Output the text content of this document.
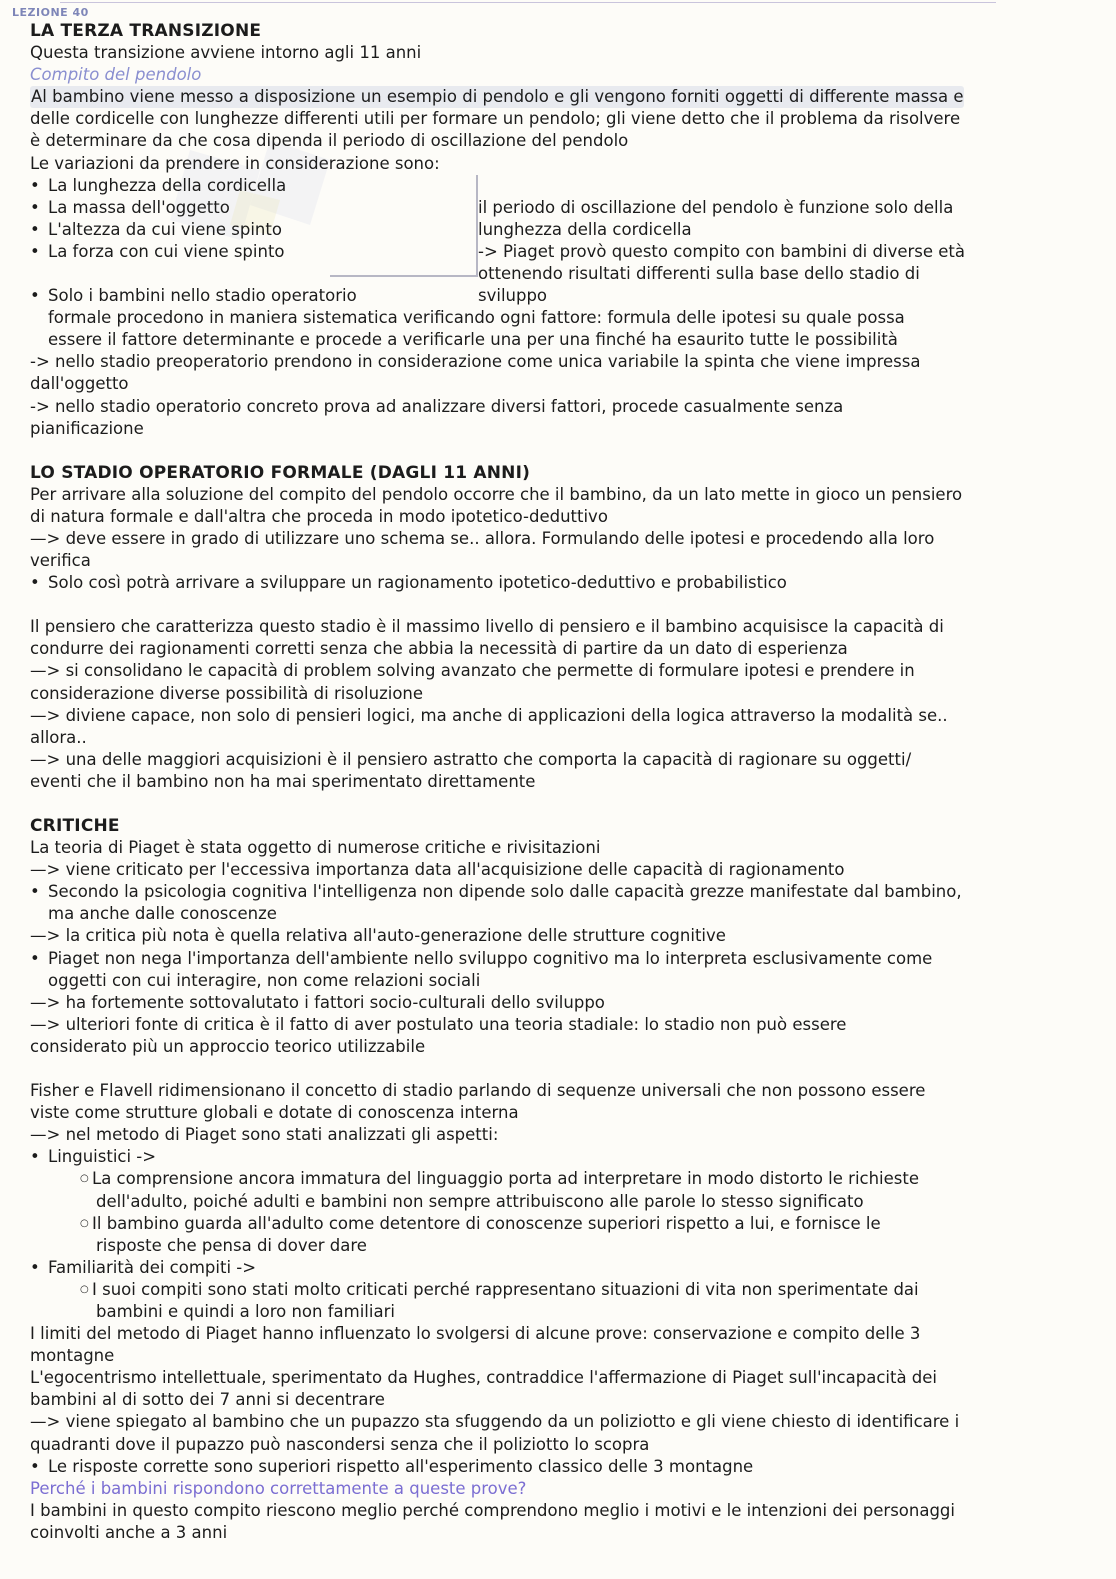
LEZIONE 40
LA TERZA TRANSIZIONE
Questa transizione avviene intorno agli 11 anni
Compito del pendolo
Al bambino viene messo a disposizione un esempio di pendolo e gli vengono forniti oggetti di differente massa e
delle cordicelle con lunghezze differenti utili per formare un pendolo; gli viene detto che il problema da risolvere
è determinare da che cosa dipenda il periodo di oscillazione del pendolo
Le variazioni da prendere in considerazione sono:
• La lunghezza della cordicella
• La massa dell'oggetto
• L'altezza da cui viene spinto
• La forza con cui viene spinto
il periodo di oscillazione del pendolo è funzione solo della
lunghezza della cordicella
-> Piaget provò questo compito con bambini di diverse età
ottenendo risultati differenti sulla base dello stadio di
sviluppo
• Solo i bambini nello stadio operatorio
formale procedono in maniera sistematica verificando ogni fattore: formula delle ipotesi su quale possa
essere il fattore determinante e procede a verificarle una per una finché ha esaurito tutte le possibilità
-> nello stadio preoperatorio prendono in considerazione come unica variabile la spinta che viene impressa
dall'oggetto
-> nello stadio operatorio concreto prova ad analizzare diversi fattori, procede casualmente senza
pianificazione
LO STADIO OPERATORIO FORMALE (DAGLI 11 ANNI)
Per arrivare alla soluzione del compito del pendolo occorre che il bambino, da un lato mette in gioco un pensiero
di natura formale e dall'altra che proceda in modo ipotetico-deduttivo
—> deve essere in grado di utilizzare uno schema se.. allora. Formulando delle ipotesi e procedendo alla loro
verifica
• Solo così potrà arrivare a sviluppare un ragionamento ipotetico-deduttivo e probabilistico
Il pensiero che caratterizza questo stadio è il massimo livello di pensiero e il bambino acquisisce la capacità di
condurre dei ragionamenti corretti senza che abbia la necessità di partire da un dato di esperienza
—> si consolidano le capacità di problem solving avanzato che permette di formulare ipotesi e prendere in
considerazione diverse possibilità di risoluzione
—> diviene capace, non solo di pensieri logici, ma anche di applicazioni della logica attraverso la modalità se..
allora..
—> una delle maggiori acquisizioni è il pensiero astratto che comporta la capacità di ragionare su oggetti/
eventi che il bambino non ha mai sperimentato direttamente
CRITICHE
La teoria di Piaget è stata oggetto di numerose critiche e rivisitazioni
—> viene criticato per l'eccessiva importanza data all'acquisizione delle capacità di ragionamento
• Secondo la psicologia cognitiva l'intelligenza non dipende solo dalle capacità grezze manifestate dal bambino,
ma anche dalle conoscenze
—> la critica più nota è quella relativa all'auto-generazione delle strutture cognitive
• Piaget non nega l'importanza dell'ambiente nello sviluppo cognitivo ma lo interpreta esclusivamente come
oggetti con cui interagire, non come relazioni sociali
—> ha fortemente sottovalutato i fattori socio-culturali dello sviluppo
—> ulteriori fonte di critica è il fatto di aver postulato una teoria stadiale: lo stadio non può essere
considerato più un approccio teorico utilizzabile
Fisher e Flavell ridimensionano il concetto di stadio parlando di sequenze universali che non possono essere
viste come strutture globali e dotate di conoscenza interna
—> nel metodo di Piaget sono stati analizzati gli aspetti:
• Linguistici ->
○ La comprensione ancora immatura del linguaggio porta ad interpretare in modo distorto le richieste
dell'adulto, poiché adulti e bambini non sempre attribuiscono alle parole lo stesso significato
○ Il bambino guarda all'adulto come detentore di conoscenze superiori rispetto a lui, e fornisce le
risposte che pensa di dover dare
• Familiarità dei compiti ->
○ I suoi compiti sono stati molto criticati perché rappresentano situazioni di vita non sperimentate dai
bambini e quindi a loro non familiari
I limiti del metodo di Piaget hanno influenzato lo svolgersi di alcune prove: conservazione e compito delle 3
montagne
L'egocentrismo intellettuale, sperimentato da Hughes, contraddice l'affermazione di Piaget sull'incapacità dei
bambini al di sotto dei 7 anni si decentrare
—> viene spiegato al bambino che un pupazzo sta sfuggendo da un poliziotto e gli viene chiesto di identificare i
quadranti dove il pupazzo può nascondersi senza che il poliziotto lo scopra
• Le risposte corrette sono superiori rispetto all'esperimento classico delle 3 montagne
Perché i bambini rispondono correttamente a queste prove?
I bambini in questo compito riescono meglio perché comprendono meglio i motivi e le intenzioni dei personaggi
coinvolti anche a 3 anni
